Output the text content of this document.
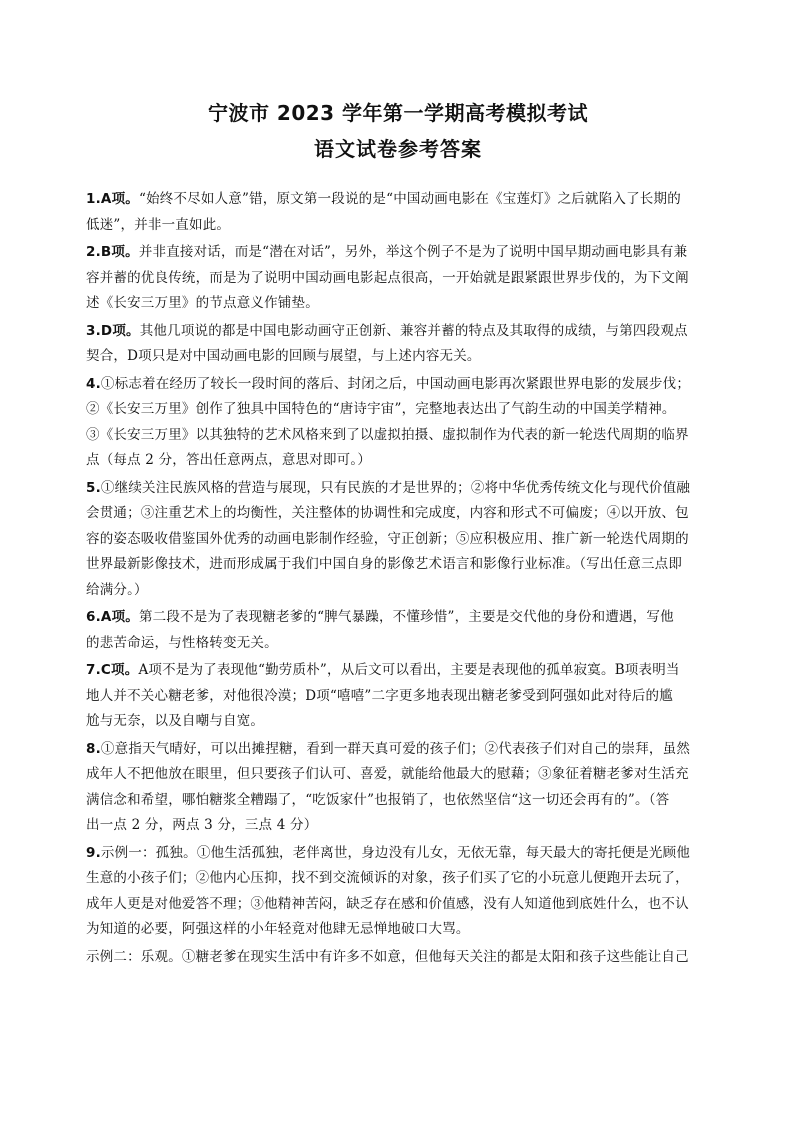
宁波市 2023 学年第一学期高考模拟考试
语文试卷参考答案
1.A项。“始终不尽如人意”错，原文第一段说的是“中国动画电影在《宝莲灯》之后就陷入了长期的
低迷”，并非一直如此。
2.B项。并非直接对话，而是“潜在对话”，另外，举这个例子不是为了说明中国早期动画电影具有兼
容并蓄的优良传统，而是为了说明中国动画电影起点很高，一开始就是跟紧跟世界步伐的，为下文阐
述《长安三万里》的节点意义作铺垫。
3.D项。其他几项说的都是中国电影动画守正创新、兼容并蓄的特点及其取得的成绩，与第四段观点
契合，D项只是对中国动画电影的回顾与展望，与上述内容无关。
4.①标志着在经历了较长一段时间的落后、封闭之后，中国动画电影再次紧跟世界电影的发展步伐；
②《长安三万里》创作了独具中国特色的“唐诗宇宙”，完整地表达出了气韵生动的中国美学精神。
③《长安三万里》以其独特的艺术风格来到了以虚拟拍摄、虚拟制作为代表的新一轮迭代周期的临界
点（每点 2 分，答出任意两点，意思对即可。）
5.①继续关注民族风格的营造与展现，只有民族的才是世界的；②将中华优秀传统文化与现代价值融
会贯通；③注重艺术上的均衡性，关注整体的协调性和完成度，内容和形式不可偏废；④以开放、包
容的姿态吸收借鉴国外优秀的动画电影制作经验，守正创新；⑤应积极应用、推广新一轮迭代周期的
世界最新影像技术，进而形成属于我们中国自身的影像艺术语言和影像行业标准。（写出任意三点即
给满分。）
6.A项。第二段不是为了表现糖老爹的“脾气暴躁，不懂珍惜”，主要是交代他的身份和遭遇，写他
的悲苦命运，与性格转变无关。
7.C项。A项不是为了表现他“勤劳质朴”，从后文可以看出，主要是表现他的孤单寂寞。B项表明当
地人并不关心糖老爹，对他很冷漠；D项“嘻嘻”二字更多地表现出糖老爹受到阿强如此对待后的尴
尬与无奈，以及自嘲与自宽。
8.①意指天气晴好，可以出摊捏糖，看到一群天真可爱的孩子们；②代表孩子们对自己的崇拜，虽然
成年人不把他放在眼里，但只要孩子们认可、喜爱，就能给他最大的慰藉；③象征着糖老爹对生活充
满信念和希望，哪怕糖浆全糟蹋了，“吃饭家什”也报销了，也依然坚信“这一切还会再有的”。（答
出一点 2 分，两点 3 分，三点 4 分）
9.示例一：孤独。①他生活孤独，老伴离世，身边没有儿女，无依无靠，每天最大的寄托便是光顾他
生意的小孩子们；②他内心压抑，找不到交流倾诉的对象，孩子们买了它的小玩意儿便跑开去玩了，
成年人更是对他爱答不理；③他精神苦闷，缺乏存在感和价值感，没有人知道他到底姓什么，也不认
为知道的必要，阿强这样的小年轻竟对他肆无忌惮地破口大骂。
示例二：乐观。①糖老爹在现实生活中有许多不如意，但他每天关注的都是太阳和孩子这些能让自己
